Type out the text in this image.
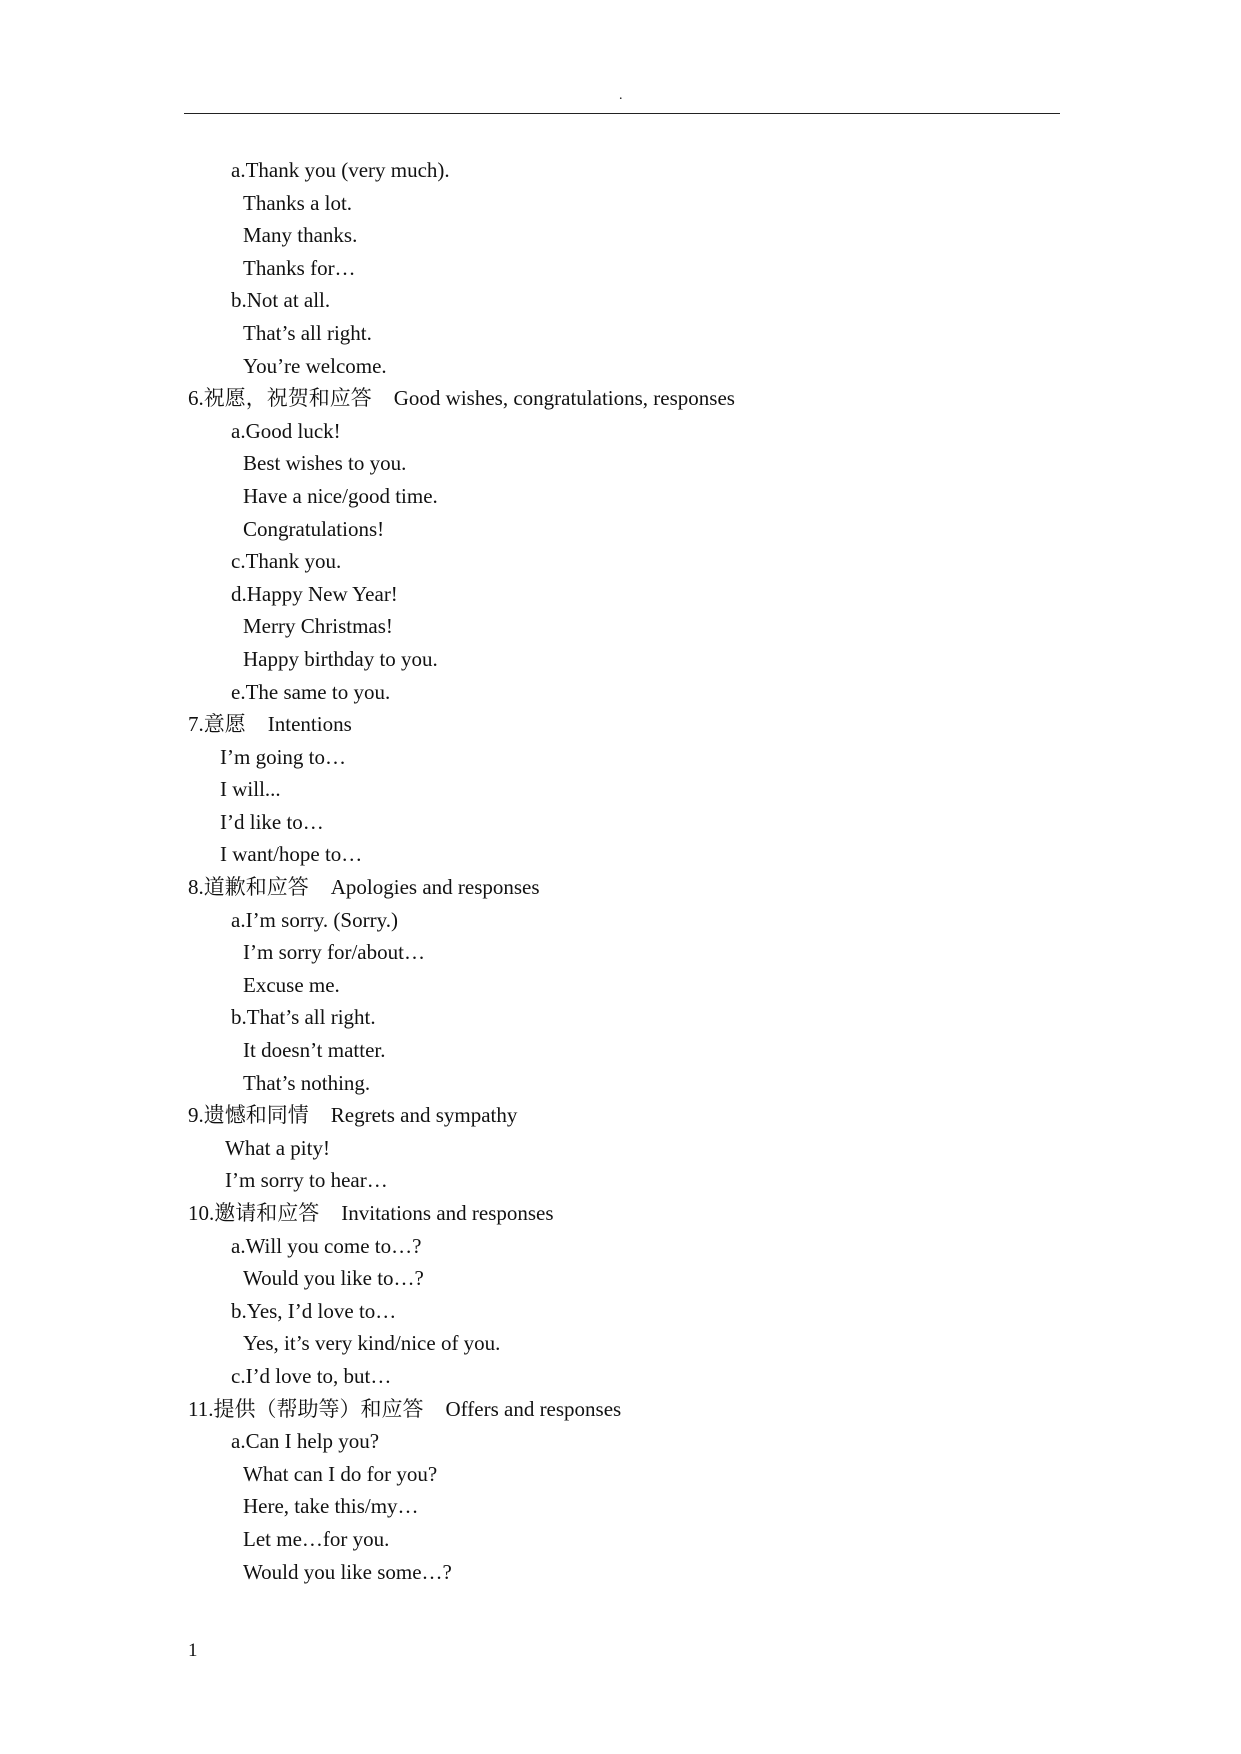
.
a.Thank you (very much).
Thanks a lot.
Many thanks.
Thanks for…
b.Not at all.
That’s all right.
You’re welcome.
6.祝愿，祝贺和应答 Good wishes, congratulations, responses
a.Good luck!
Best wishes to you.
Have a nice/good time.
Congratulations!
c.Thank you.
d.Happy New Year!
Merry Christmas!
Happy birthday to you.
e.The same to you.
7.意愿 Intentions
I’m going to…
I will...
I’d like to…
I want/hope to…
8.道歉和应答 Apologies and responses
a.I’m sorry. (Sorry.)
I’m sorry for/about…
Excuse me.
b.That’s all right.
It doesn’t matter.
That’s nothing.
9.遗憾和同情 Regrets and sympathy
What a pity!
I’m sorry to hear…
10.邀请和应答 Invitations and responses
a.Will you come to…?
Would you like to…?
b.Yes, I’d love to…
Yes, it’s very kind/nice of you.
c.I’d love to, but…
11.提供（帮助等）和应答 Offers and responses
a.Can I help you?
What can I do for you?
Here, take this/my…
Let me…for you.
Would you like some…?
1
